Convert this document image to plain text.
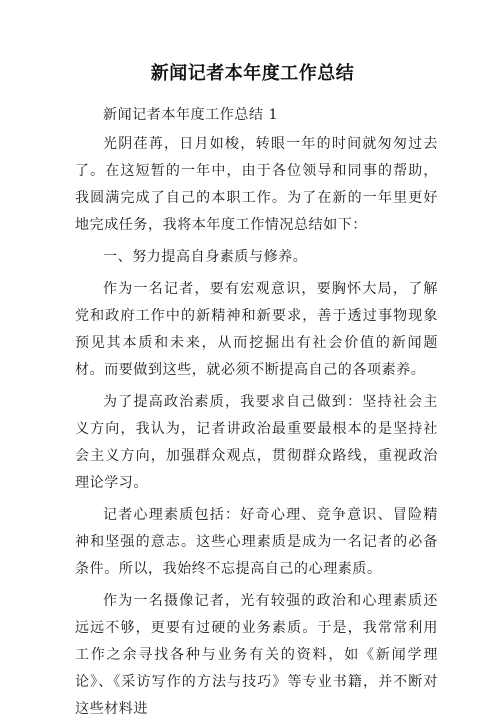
新闻记者本年度工作总结

新闻记者本年度工作总结 1

光阴荏苒，日月如梭，转眼一年的时间就匆匆过去了。在这短暂的一年中，由于各位领导和同事的帮助，我圆满完成了自己的本职工作。为了在新的一年里更好地完成任务，我将本年度工作情况总结如下：

一、努力提高自身素质与修养。

作为一名记者，要有宏观意识，要胸怀大局，了解党和政府工作中的新精神和新要求，善于透过事物现象预见其本质和未来，从而挖掘出有社会价值的新闻题材。而要做到这些，就必须不断提高自己的各项素养。

为了提高政治素质，我要求自己做到：坚持社会主义方向，我认为，记者讲政治最重要最根本的是坚持社会主义方向，加强群众观点，贯彻群众路线，重视政治理论学习。

记者心理素质包括：好奇心理、竞争意识、冒险精神和坚强的意志。这些心理素质是成为一名记者的必备条件。所以，我始终不忘提高自己的心理素质。

作为一名摄像记者，光有较强的政治和心理素质还远远不够，更要有过硬的业务素质。于是，我常常利用工作之余寻找各种与业务有关的资料，如《新闻学理论》、《采访写作的方法与技巧》等专业书籍，并不断对这些材料进
